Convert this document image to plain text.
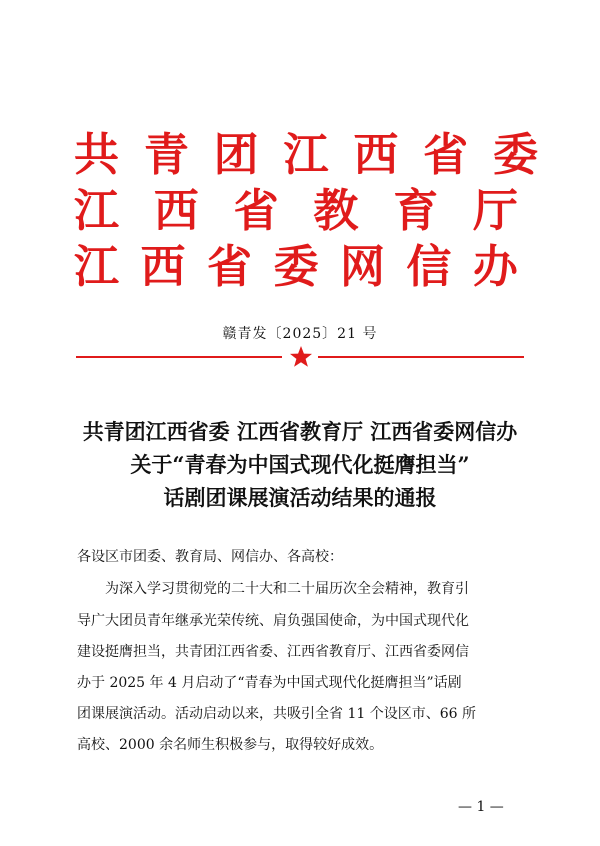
共 青 团 江 西 省 委
江 西 省 教 育 厅
江 西 省 委 网 信 办
赣青发〔2025〕21 号
共青团江西省委 江西省教育厅 江西省委网信办
关于“青春为中国式现代化挺膺担当”
话剧团课展演活动结果的通报
各设区市团委、教育局、网信办、各高校：
为深入学习贯彻党的二十大和二十届历次全会精神，教育引
导广大团员青年继承光荣传统、肩负强国使命，为中国式现代化
建设挺膺担当，共青团江西省委、江西省教育厅、江西省委网信
办于 2025 年 4 月启动了“青春为中国式现代化挺膺担当”话剧
团课展演活动。活动启动以来，共吸引全省 11 个设区市、66 所
高校、2000 余名师生积极参与，取得较好成效。
— 1 —
